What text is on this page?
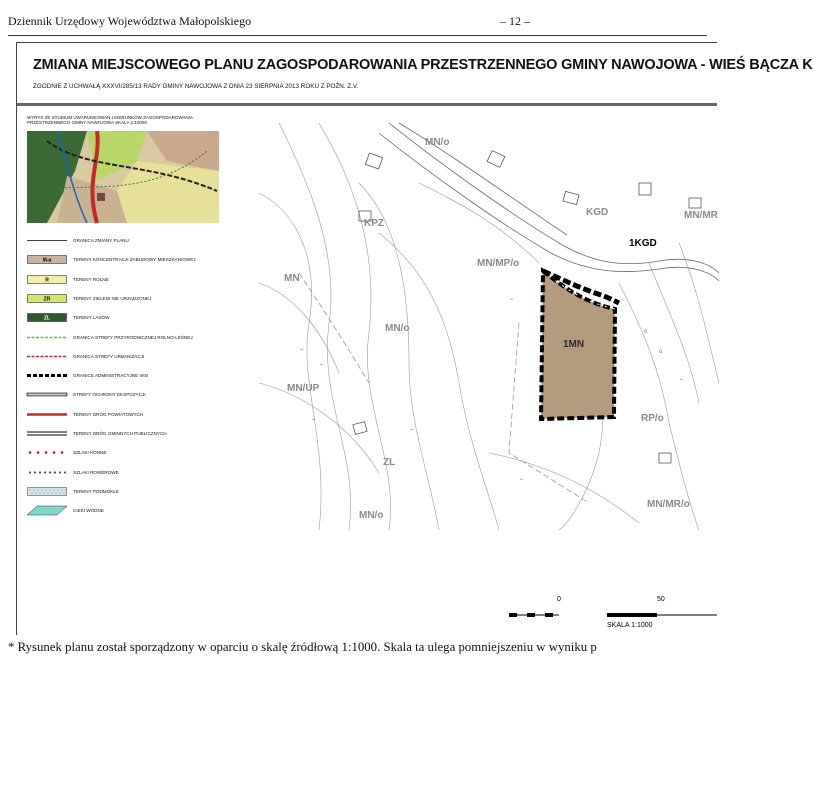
Dziennik Urzędowy Województwa Małopolskiego	– 12 –
ZMIANA MIEJSCOWEGO PLANU ZAGOSPODAROWANIA PRZESTRZENNEGO GMINY NAWOJOWA - WIEŚ BĄCZA K
ZGODNIE Z UCHWAŁĄ XXXVI/285/13 RADY GMINY NAWOJOWA Z DNIA 23 SIERPNIA 2013 ROKU Z POŹN. Z.V.
WYRYS ZE STUDIUM UWARUNKOWAŃ I KIERUNKÓW ZAGOSPODAROWANIA PRZESTRZENNEGO GMINY NAWOJOWA SKALA 1:10000
GRANICA ZMIANY PLANU
M-a	TERENY KONCENTRACJI ZABUDOWY MIESZKANIOWEJ
R	TERENY ROLNE
ZR	TERENY ZIELENI NIE URZĄDZONEJ
ZL	TERENY LASÓW
GRANICA STREFY PRZYRODNICZNEJ ROLNO-LEŚNEJ
GRANICA STREFY URBANIZACJI
GRANICE ADMINISTRACYJNE WSI
STREFY OCHRONY EKSPOZYCJI
TERENY DRÓG POWIATOWYCH
TERENY DRÓG GMINNYCH PUBLICZNYCH
SZLAKI KONNE
SZLAKI ROWEROWE
TERENY PODMOKŁE
CIEKI WODNE
MN/o
KPZ
KGD	MN/MR
1KGD
MN
MN/MP/o
MN/o
1MN
MN/UP
RP/o
ZL
MN/MR/o
MN/o
⌃
⌃
⌃
o
o
⌃
⌃
⌃
⌃
0	50
SKALA 1:1000
* Rysunek planu został sporządzony w oparciu o skalę źródłową 1:1000. Skala ta ulega pomniejszeniu w wyniku p
